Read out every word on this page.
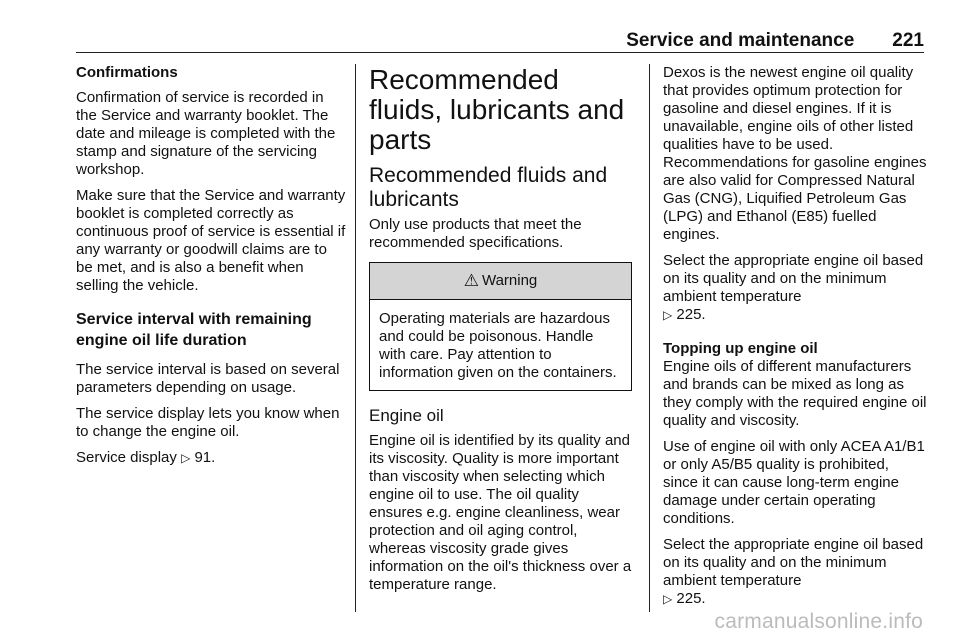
Service and maintenance 221
Confirmations

Confirmation of service is recorded in the Service and warranty booklet. The date and mileage is completed with the stamp and signature of the servicing workshop.

Make sure that the Service and warranty booklet is completed correctly as continuous proof of service is essential if any warranty or goodwill claims are to be met, and is also a benefit when selling the vehicle.

Service interval with remaining engine oil life duration

The service interval is based on several parameters depending on usage.

The service display lets you know when to change the engine oil.

Service display ▷ 91.

Recommended fluids, lubricants and parts
Recommended fluids and lubricants

Only use products that meet the recommended specifications.

⚠ Warning
Operating materials are hazardous and could be poisonous. Handle with care. Pay attention to information given on the containers.
Engine oil

Engine oil is identified by its quality and its viscosity. Quality is more important than viscosity when selecting which engine oil to use. The oil quality ensures e.g. engine cleanliness, wear protection and oil aging control, whereas viscosity grade gives information on the oil's thickness over a temperature range.

Dexos is the newest engine oil quality that provides optimum protection for gasoline and diesel engines. If it is unavailable, engine oils of other listed qualities have to be used. Recommendations for gasoline engines are also valid for Compressed Natural Gas (CNG), Liquified Petroleum Gas (LPG) and Ethanol (E85) fuelled engines.

Select the appropriate engine oil based on its quality and on the minimum ambient temperature
▷ 225.

Topping up engine oil

Engine oils of different manufacturers and brands can be mixed as long as they comply with the required engine oil quality and viscosity.

Use of engine oil with only ACEA A1/B1 or only A5/B5 quality is prohibited, since it can cause long-term engine damage under certain operating conditions.

Select the appropriate engine oil based on its quality and on the minimum ambient temperature
▷ 225.

carmanualsonline.info
